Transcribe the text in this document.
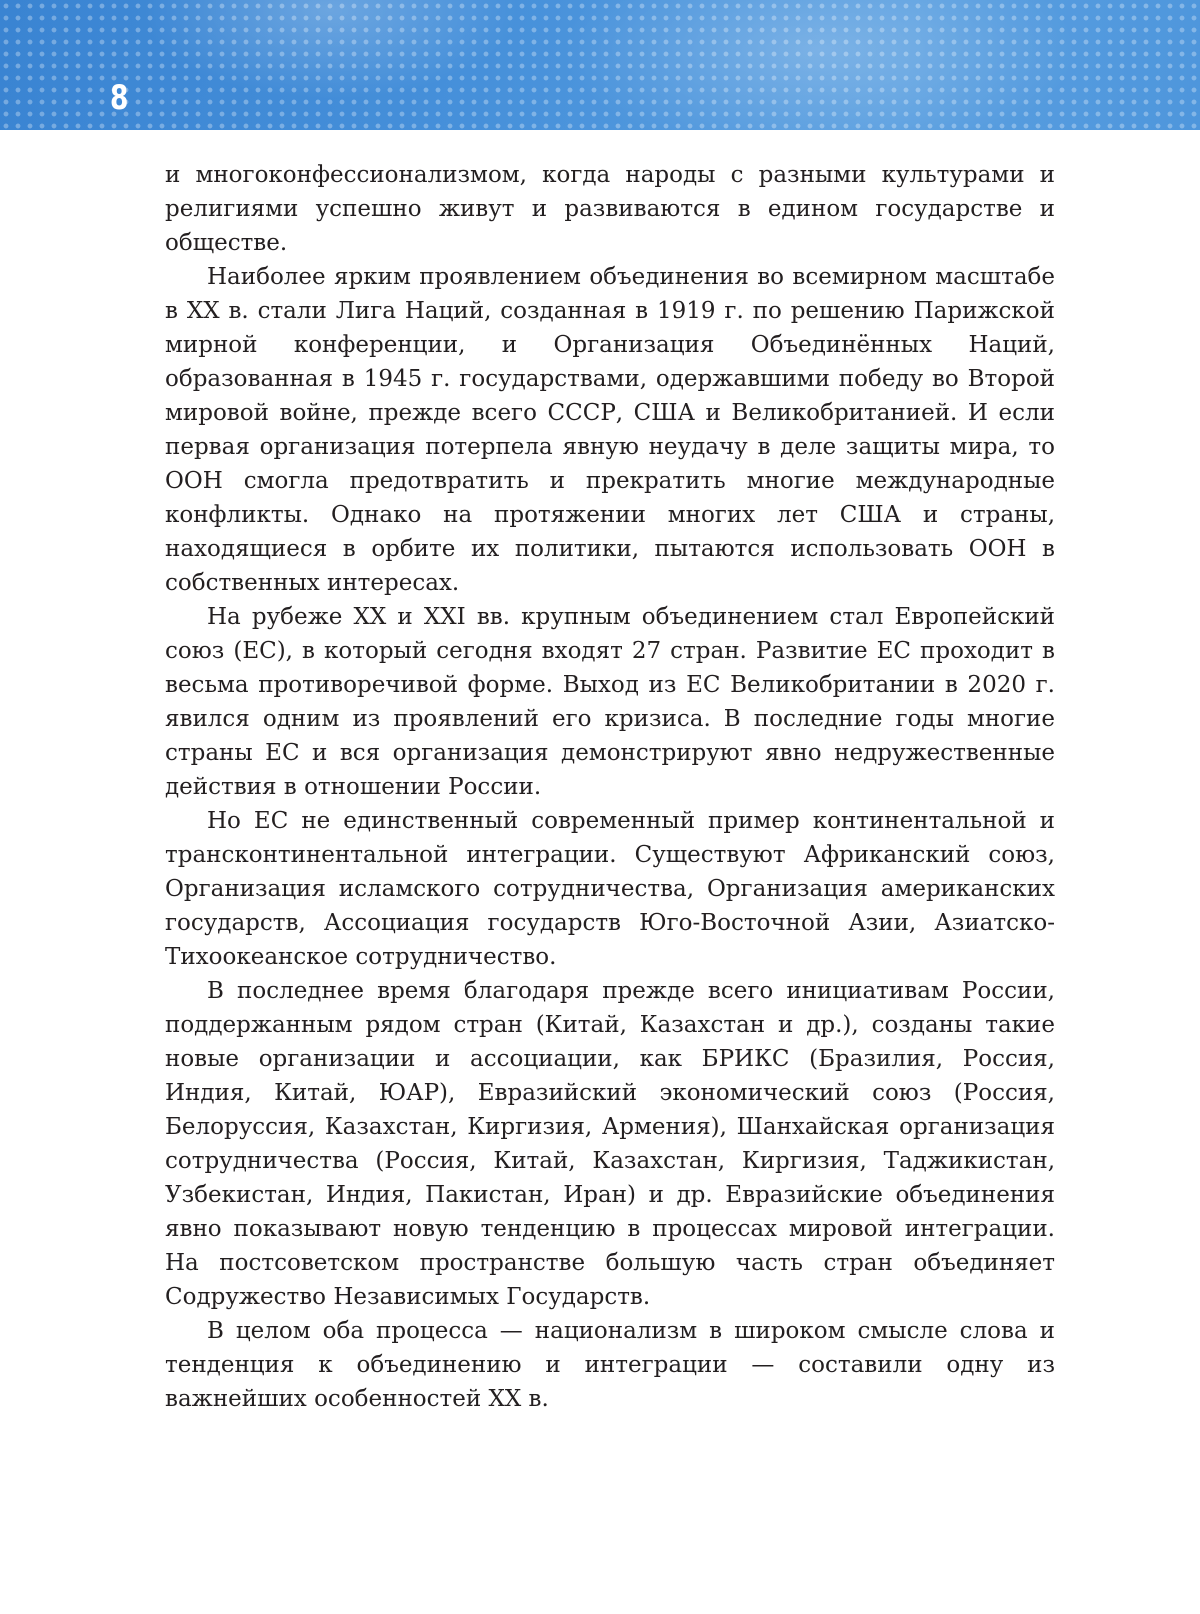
8

и многоконфессионализмом, когда народы с разными культурами и религиями успешно живут и развиваются в едином государстве и обществе.

Наиболее ярким проявлением объединения во всемирном масштабе в XX в. стали Лига Наций, созданная в 1919 г. по решению Парижской мирной конференции, и Организация Объединённых Наций, образованная в 1945 г. государствами, одержавшими победу во Второй мировой войне, прежде всего СССР, США и Великобританией. И если первая организация потерпела явную неудачу в деле защиты мира, то ООН смогла предотвратить и прекратить многие международные конфликты. Однако на протяжении многих лет США и страны, находящиеся в орбите их политики, пытаются использовать ООН в собственных интересах.

На рубеже XX и XXI вв. крупным объединением стал Европейский союз (ЕС), в который сегодня входят 27 стран. Развитие ЕС проходит в весьма противоречивой форме. Выход из ЕС Великобритании в 2020 г. явился одним из проявлений его кризиса. В последние годы многие страны ЕС и вся организация демонстрируют явно недружественные действия в отношении России.

Но ЕС не единственный современный пример континентальной и трансконтинентальной интеграции. Существуют Африканский союз, Организация исламского сотрудничества, Организация американских государств, Ассоциация государств Юго-Восточной Азии, Азиатско-Тихоокеанское сотрудничество.

В последнее время благодаря прежде всего инициативам России, поддержанным рядом стран (Китай, Казахстан и др.), созданы такие новые организации и ассоциации, как БРИКС (Бразилия, Россия, Индия, Китай, ЮАР), Евразийский экономический союз (Россия, Белоруссия, Казахстан, Киргизия, Армения), Шанхайская организация сотрудничества (Россия, Китай, Казахстан, Киргизия, Таджикистан, Узбекистан, Индия, Пакистан, Иран) и др. Евразийские объединения явно показывают новую тенденцию в процессах мировой интеграции. На постсоветском пространстве большую часть стран объединяет Содружество Независимых Государств.

В целом оба процесса — национализм в широком смысле слова и тенденция к объединению и интеграции — составили одну из важнейших особенностей XX в.
